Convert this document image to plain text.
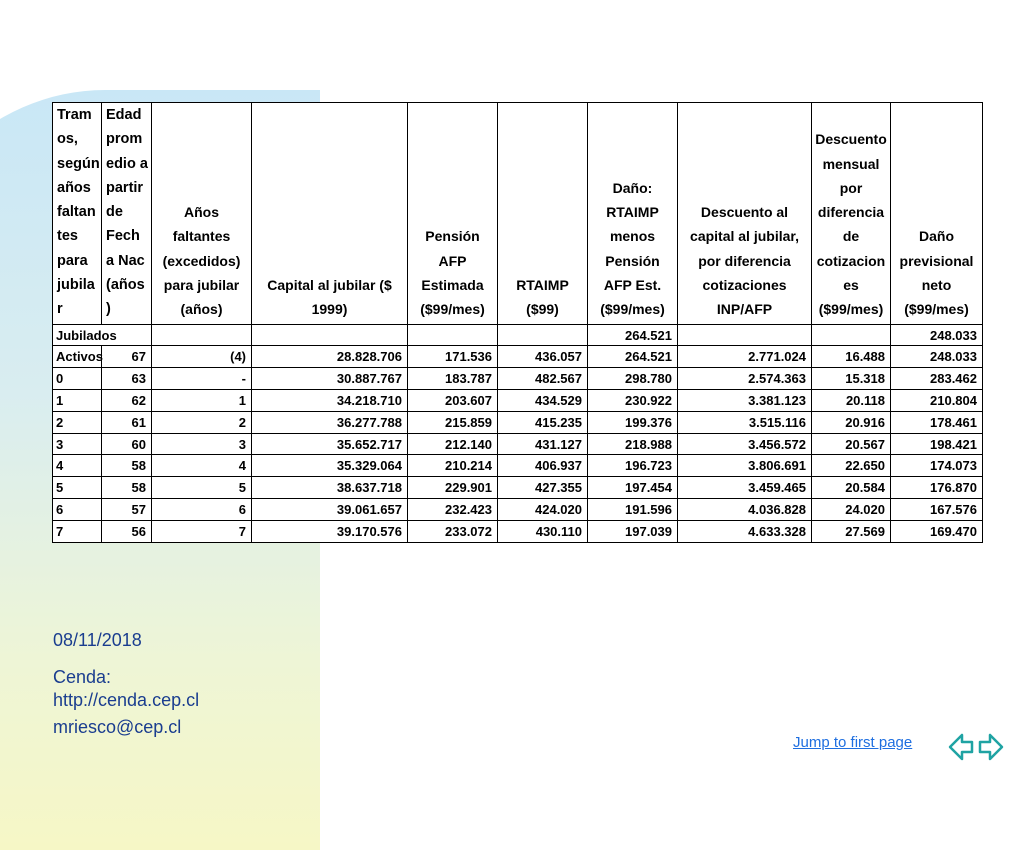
Tram os, según años faltan tes para jubila r	Edad prom edio a partir de Fech a Nac (años )	Años faltantes (excedidos) para jubilar (años)	Capital al jubilar ($ 1999)	Pensión AFP Estimada ($99/mes)	RTAIMP ($99)	Daño: RTAIMP menos Pensión AFP Est. ($99/mes)	Descuento al capital al jubilar, por diferencia cotizaciones INP/AFP	Descuento mensual por diferencia de cotizacion es ($99/mes)	Daño previsional neto ($99/mes)
Jubilados						264.521			248.033
Activos	67	(4)	28.828.706	171.536	436.057	264.521	2.771.024	16.488	248.033
0	63	-	30.887.767	183.787	482.567	298.780	2.574.363	15.318	283.462
1	62	1	34.218.710	203.607	434.529	230.922	3.381.123	20.118	210.804
2	61	2	36.277.788	215.859	415.235	199.376	3.515.116	20.916	178.461
3	60	3	35.652.717	212.140	431.127	218.988	3.456.572	20.567	198.421
4	58	4	35.329.064	210.214	406.937	196.723	3.806.691	22.650	174.073
5	58	5	38.637.718	229.901	427.355	197.454	3.459.465	20.584	176.870
6	57	6	39.061.657	232.423	424.020	191.596	4.036.828	24.020	167.576
7	56	7	39.170.576	233.072	430.110	197.039	4.633.328	27.569	169.470
08/11/2018
Cenda:
http://cenda.cep.cl
mriesco@cep.cl
Jump to first page
